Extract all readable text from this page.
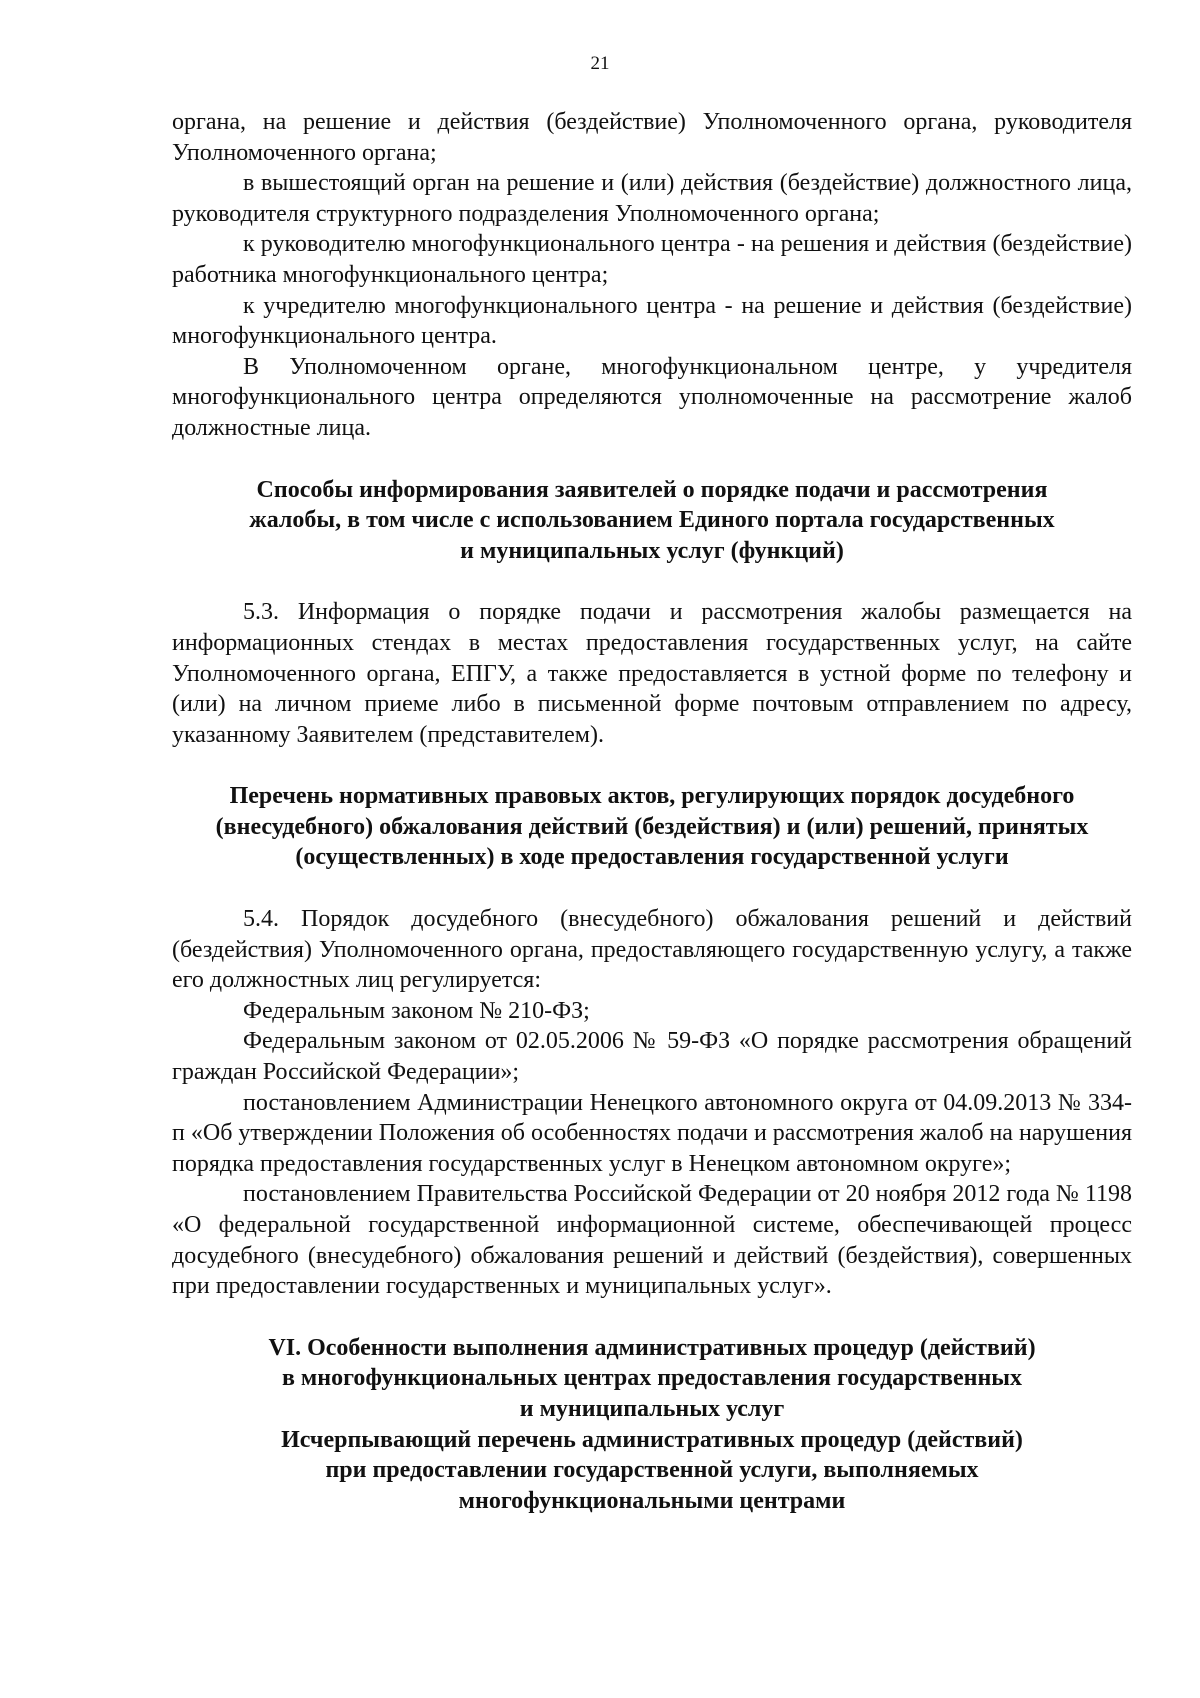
21

органа, на решение и действия (бездействие) Уполномоченного органа, руководителя Уполномоченного органа;

в вышестоящий орган на решение и (или) действия (бездействие) должностного лица, руководителя структурного подразделения Уполномоченного органа;

к руководителю многофункционального центра - на решения и действия (бездействие) работника многофункционального центра;

к учредителю многофункционального центра - на решение и действия (бездействие) многофункционального центра.

В Уполномоченном органе, многофункциональном центре, у учредителя многофункционального центра определяются уполномоченные на рассмотрение жалоб должностные лица.

Способы информирования заявителей о порядке подачи и рассмотрения

жалобы, в том числе с использованием Единого портала государственных

и муниципальных услуг (функций)

5.3. Информация о порядке подачи и рассмотрения жалобы размещается на информационных стендах в местах предоставления государственных услуг, на сайте Уполномоченного органа, ЕПГУ, а также предоставляется в устной форме по телефону и (или) на личном приеме либо в письменной форме почтовым отправлением по адресу, указанному Заявителем (представителем).

Перечень нормативных правовых актов, регулирующих порядок досудебного

(внесудебного) обжалования действий (бездействия) и (или) решений, принятых

(осуществленных) в ходе предоставления государственной услуги

5.4. Порядок досудебного (внесудебного) обжалования решений и действий (бездействия) Уполномоченного органа, предоставляющего государственную услугу, а также его должностных лиц регулируется:

Федеральным законом № 210-ФЗ;

Федеральным законом от 02.05.2006 № 59-ФЗ «О порядке рассмотрения обращений граждан Российской Федерации»;

постановлением Администрации Ненецкого автономного округа от 04.09.2013 № 334-п «Об утверждении Положения об особенностях подачи и рассмотрения жалоб на нарушения порядка предоставления государственных услуг в Ненецком автономном округе»;

постановлением Правительства Российской Федерации от 20 ноября 2012 года № 1198 «О федеральной государственной информационной системе, обеспечивающей процесс досудебного (внесудебного) обжалования решений и действий (бездействия), совершенных при предоставлении государственных и муниципальных услуг».

VI. Особенности выполнения административных процедур (действий)

в многофункциональных центрах предоставления государственных

и муниципальных услуг

Исчерпывающий перечень административных процедур (действий)

при предоставлении государственной услуги, выполняемых

многофункциональными центрами
